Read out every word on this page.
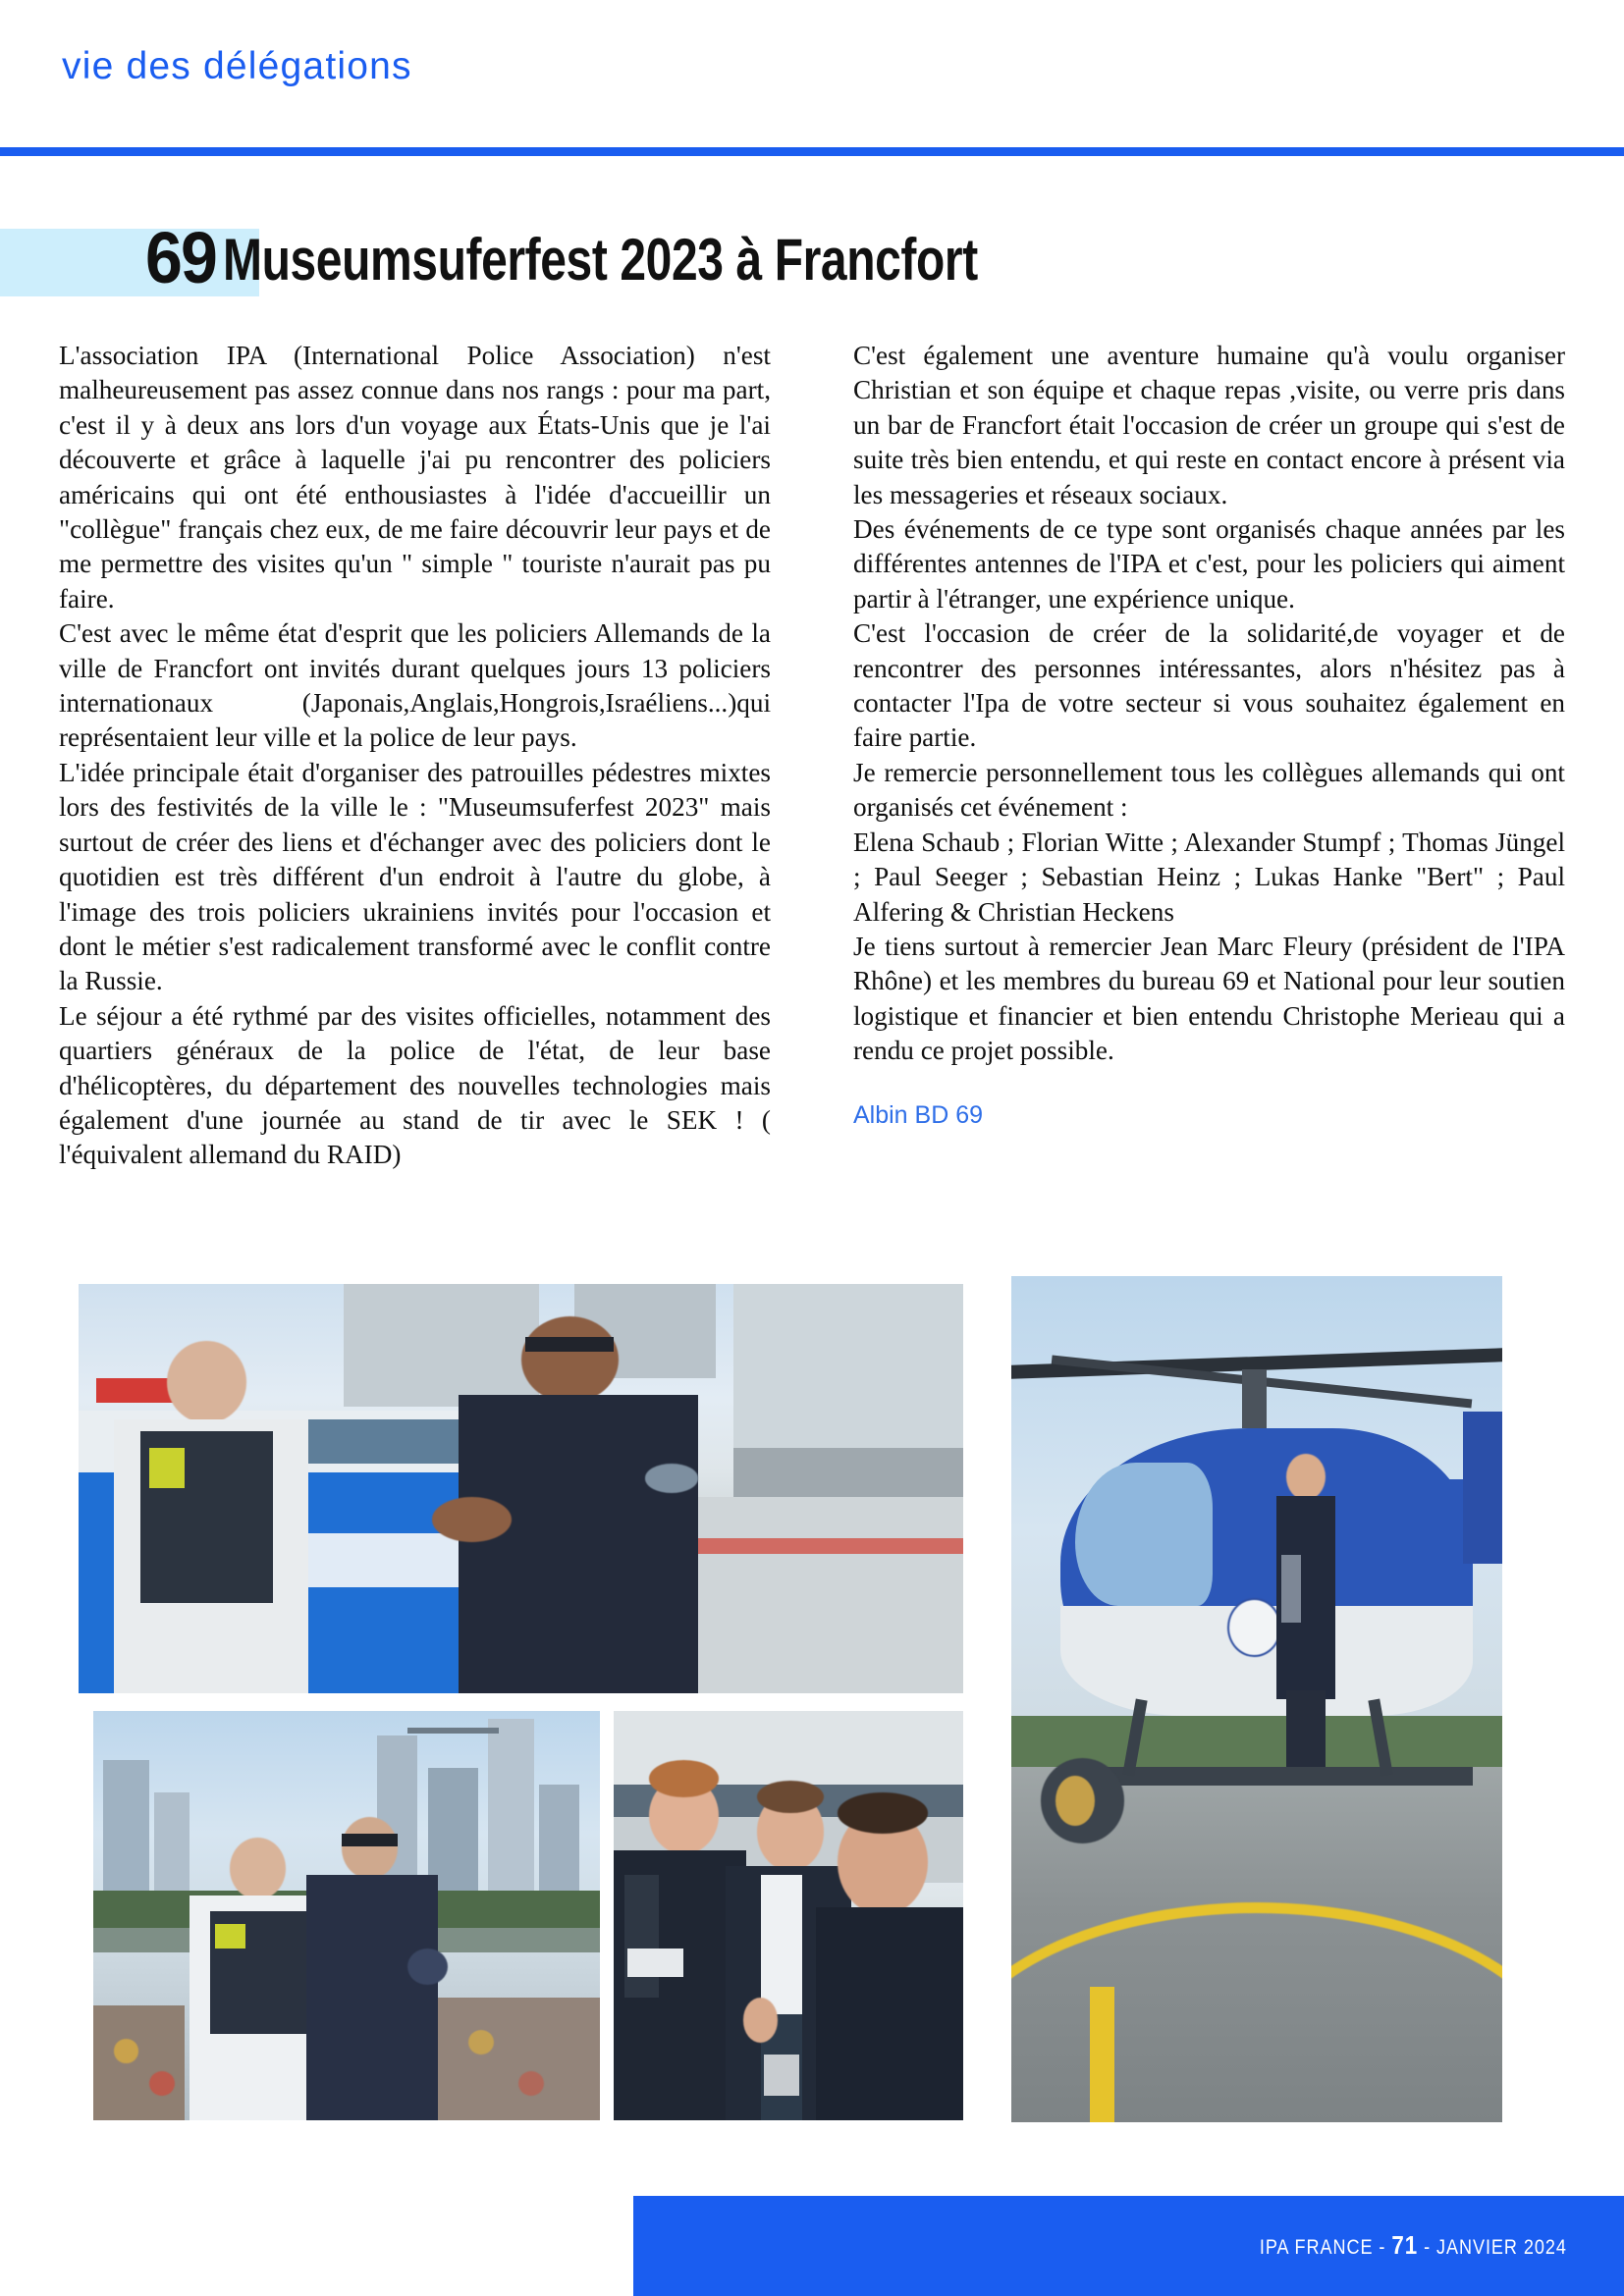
vie des délégations
69 Museumsuferfest 2023 à Francfort

L'association IPA (International Police Association) n'est malheureusement pas assez connue dans nos rangs : pour ma part, c'est il y à deux ans lors d'un voyage aux États-Unis que je l'ai découverte et grâce à laquelle j'ai pu rencontrer des policiers américains qui ont été enthousiastes à l'idée d'accueillir un "collègue" français chez eux, de me faire découvrir leur pays et de me permettre des visites qu'un " simple " touriste n'aurait pas pu faire.

C'est avec le même état d'esprit que les policiers Allemands de la ville de Francfort ont invités durant quelques jours 13 policiers internationaux (Japonais,Anglais,Hongrois,Israéliens...)qui représentaient leur ville et la police de leur pays.

L'idée principale était d'organiser des patrouilles pédestres mixtes lors des festivités de la ville le : "Museumsuferfest 2023" mais surtout de créer des liens et d'échanger avec des policiers dont le quotidien est très différent d'un endroit à l'autre du globe, à l'image des trois policiers ukrainiens invités pour l'occasion et dont le métier s'est radicalement transformé avec le conflit contre la Russie.

Le séjour a été rythmé par des visites officielles, notamment des quartiers généraux de la police de l'état, de leur base d'hélicoptères, du département des nouvelles technologies mais également d'une journée au stand de tir avec le SEK ! ( l'équivalent allemand du RAID)

C'est également une aventure humaine qu'à voulu organiser Christian et son équipe et chaque repas ,visite, ou verre pris dans un bar de Francfort était l'occasion de créer un groupe qui s'est de suite très bien entendu, et qui reste en contact encore à présent via les messageries et réseaux sociaux.

Des événements de ce type sont organisés chaque années par les différentes antennes de l'IPA et c'est, pour les policiers qui aiment partir à l'étranger, une expérience unique.

C'est l'occasion de créer de la solidarité,de voyager et de rencontrer des personnes intéressantes, alors n'hésitez pas à contacter l'Ipa de votre secteur si vous souhaitez également en faire partie.

Je remercie personnellement tous les collègues allemands qui ont organisés cet événement :

Elena Schaub ; Florian Witte ; Alexander Stumpf ; Thomas Jüngel ; Paul Seeger ; Sebastian Heinz ; Lukas Hanke "Bert" ; Paul Alfering & Christian Heckens

Je tiens surtout à remercier Jean Marc Fleury (président de l'IPA Rhône) et les membres du bureau 69 et National pour leur soutien logistique et financier et bien entendu Christophe Merieau qui a rendu ce projet possible.

Albin BD 69
IPA FRANCE - 71 - JANVIER 2024
